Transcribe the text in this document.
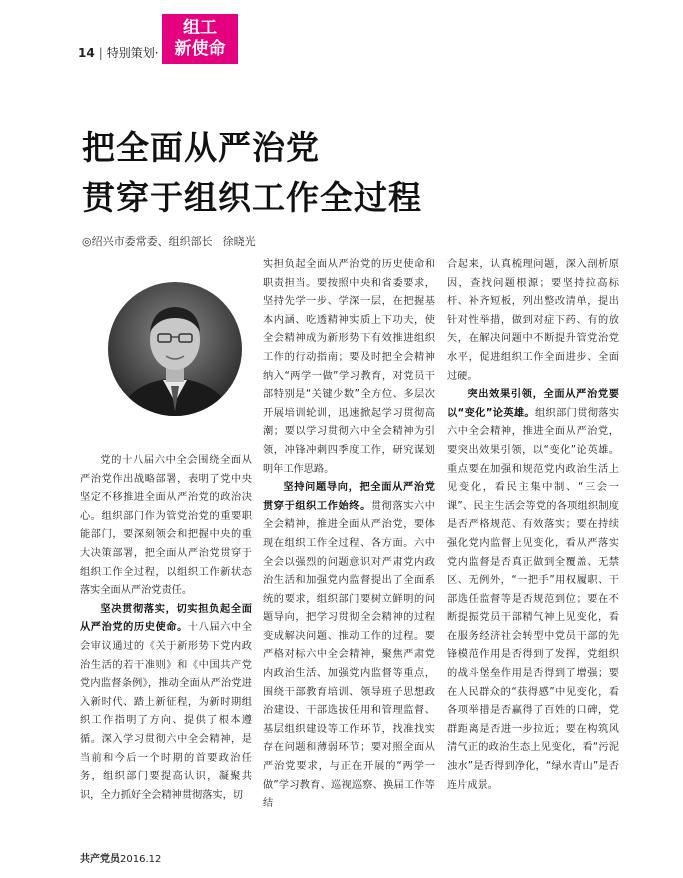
14 | 特别策划·
组工
新使命
把全面从严治党
贯穿于组织工作全过程
◎绍兴市委常委、组织部长 徐晓光

党的十八届六中全会围绕全面从严治党作出战略部署，表明了党中央坚定不移推进全面从严治党的政治决心。组织部门作为管党治党的重要职能部门，要深刻领会和把握中央的重大决策部署，把全面从严治党贯穿于组织工作全过程，以组织工作新状态落实全面从严治党责任。

坚决贯彻落实，切实担负起全面从严治党的历史使命。十八届六中全会审议通过的《关于新形势下党内政治生活的若干准则》和《中国共产党党内监督条例》，推动全面从严治党进入新时代、踏上新征程，为新时期组织工作指明了方向、提供了根本遵循。深入学习贯彻六中全会精神，是当前和今后一个时期的首要政治任务，组织部门要提高认识，凝聚共识，全力抓好全会精神贯彻落实，切

实担负起全面从严治党的历史使命和职责担当。要按照中央和省委要求，坚持先学一步、学深一层，在把握基本内涵、吃透精神实质上下功夫，使全会精神成为新形势下有效推进组织工作的行动指南；要及时把全会精神纳入“两学一做”学习教育，对党员干部特别是“关键少数”全方位、多层次开展培训轮训，迅速掀起学习贯彻高潮；要以学习贯彻六中全会精神为引领，冲锋冲刺四季度工作，研究谋划明年工作思路。

坚持问题导向，把全面从严治党贯穿于组织工作始终。贯彻落实六中全会精神，推进全面从严治党，要体现在组织工作全过程、各方面。六中全会以强烈的问题意识对严肃党内政治生活和加强党内监督提出了全面系统的要求，组织部门要树立鲜明的问题导向，把学习贯彻全会精神的过程变成解决问题、推动工作的过程。要严格对标六中全会精神，聚焦严肃党内政治生活、加强党内监督等重点，围绕干部教育培训、领导班子思想政治建设、干部选拔任用和管理监督、基层组织建设等工作环节，找准找实存在问题和薄弱环节；要对照全面从严治党要求，与正在开展的“两学一做”学习教育、巡视巡察、换届工作等结

合起来，认真梳理问题，深入剖析原因，查找问题根源；要坚持拉高标杆、补齐短板，列出整改清单，提出针对性举措，做到对症下药、有的放矢，在解决问题中不断提升管党治党水平，促进组织工作全面进步、全面过硬。

突出效果引领，全面从严治党要以“变化”论英雄。组织部门贯彻落实六中全会精神，推进全面从严治党，要突出效果引领，以“变化”论英雄。重点要在加强和规范党内政治生活上见变化，看民主集中制、“三会一课”、民主生活会等党的各项组织制度是否严格规范、有效落实；要在持续强化党内监督上见变化，看从严落实党内监督是否真正做到全覆盖、无禁区、无例外，“一把手”用权履职、干部选任监督等是否规范到位；要在不断提振党员干部精气神上见变化，看在服务经济社会转型中党员干部的先锋模范作用是否得到了发挥，党组织的战斗堡垒作用是否得到了增强；要在人民群众的“获得感”中见变化，看各项举措是否赢得了百姓的口碑，党群距离是否进一步拉近；要在构筑风清气正的政治生态上见变化，看“污泥浊水”是否得到净化，“绿水青山”是否连片成景。

共产党员2016.12
